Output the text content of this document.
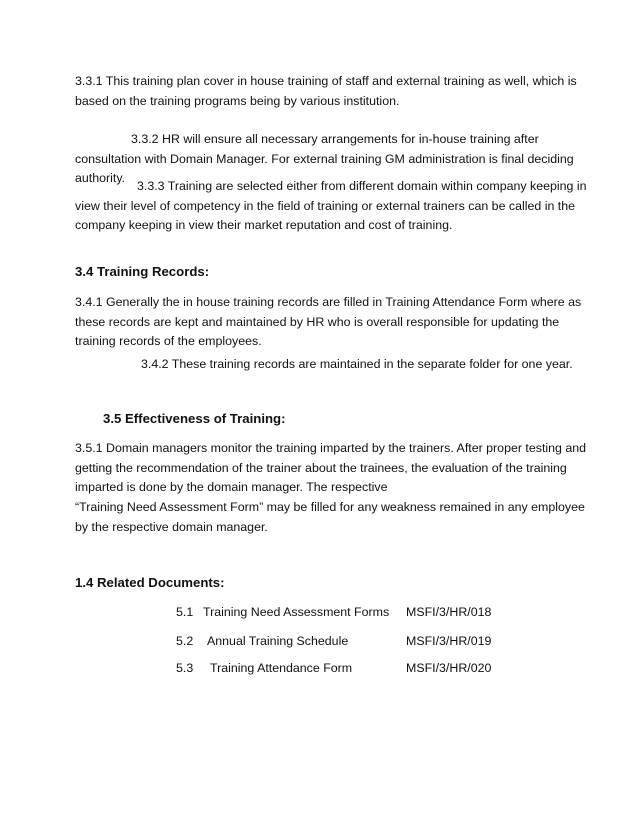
3.3.1 This training plan cover in house training of staff and external training as well, which is based on the training programs being by various institution.

3.3.2 HR will ensure all necessary arrangements for in-house training after consultation with Domain Manager. For external training GM administration is final deciding authority.

3.3.3 Training are selected either from different domain within company keeping in view their level of competency in the field of training or external trainers can be called in the company keeping in view their market reputation and cost of training.

3.4 Training Records:

3.4.1 Generally the in house training records are filled in Training Attendance Form where as these records are kept and maintained by HR who is overall responsible for updating the training records of the employees.

3.4.2 These training records are maintained in the separate folder for one year.

3.5 Effectiveness of Training:

3.5.1 Domain managers monitor the training imparted by the trainers. After proper testing and getting the recommendation of the trainer about the trainees, the evaluation of the training imparted is done by the domain manager. The respective

“Training Need Assessment Form” may be filled for any weakness remained in any employee by the respective domain manager.

1.4 Related Documents:
5.1 Training Need Assessment Forms MSFI/3/HR/018
5.2 Annual Training Schedule	MSFI/3/HR/019
5.3 Training Attendance Form	MSFI/3/HR/020
